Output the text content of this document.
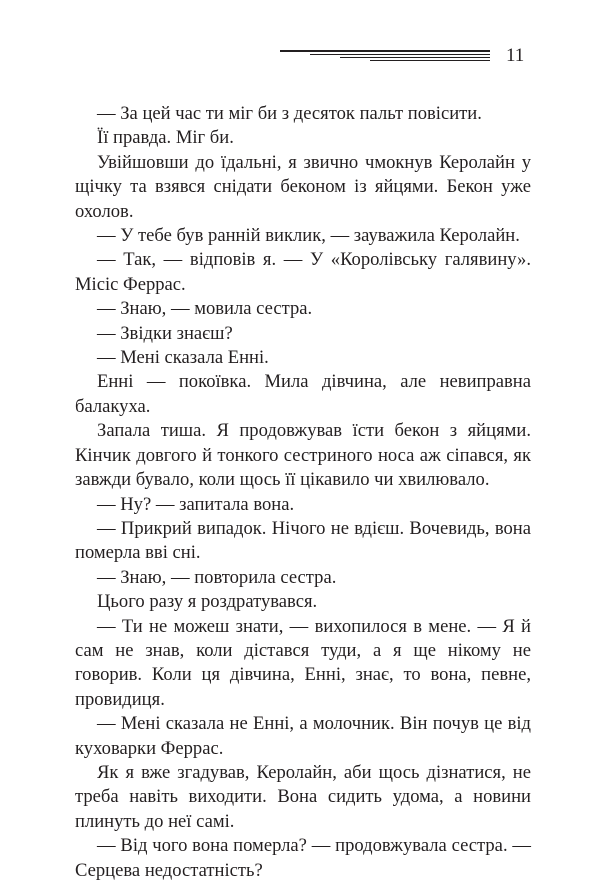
11

— За цей час ти міг би з десяток пальт повісити.

Її правда. Міг би.

Увійшовши до їдальні, я звично чмокнув Керолайн у щічку та взявся снідати беконом із яйцями. Бекон уже охолов.

— У тебе був ранній виклик, — зауважила Керолайн.

— Так, — відповів я. — У «Королівську галявину». Місіс Феррас.

— Знаю, — мовила сестра.

— Звідки знаєш?

— Мені сказала Енні.

Енні — покоївка. Мила дівчина, але невиправна балакуха.

Запала тиша. Я продовжував їсти бекон з яйцями. Кінчик довгого й тонкого сестриного носа аж сіпався, як завжди бувало, коли щось її цікавило чи хвилювало.

— Ну? — запитала вона.

— Прикрий випадок. Нічого не вдієш. Вочевидь, вона померла вві сні.

— Знаю, — повторила сестра.

Цього разу я роздратувався.

— Ти не можеш знати, — вихопилося в мене. — Я й сам не знав, коли дістався туди, а я ще нікому не говорив. Коли ця дівчина, Енні, знає, то вона, певне, провидиця.

— Мені сказала не Енні, а молочник. Він почув це від куховарки Феррас.

Як я вже згадував, Керолайн, аби щось дізнатися, не треба навіть виходити. Вона сидить удома, а новини плинуть до неї самі.

— Від чого вона померла? — продовжувала сестра. — Серцева недостатність?
